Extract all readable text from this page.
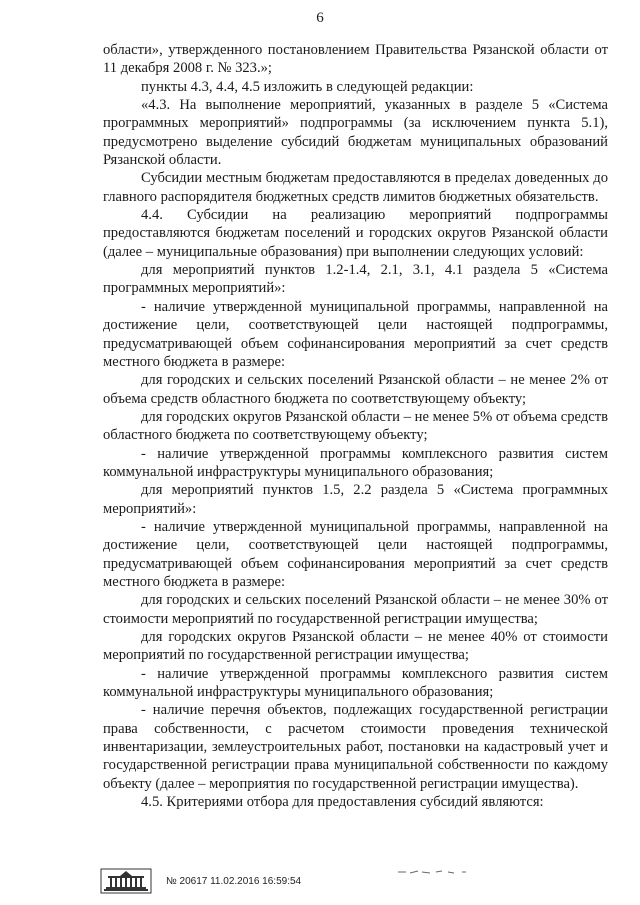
6

области», утвержденного постановлением Правительства Рязанской области от 11 декабря 2008 г. № 323.»;

пункты 4.3, 4.4, 4.5 изложить в следующей редакции:

«4.3. На выполнение мероприятий, указанных в разделе 5 «Система программных мероприятий» подпрограммы (за исключением пункта 5.1), предусмотрено выделение субсидий бюджетам муниципальных образований Рязанской области.

Субсидии местным бюджетам предоставляются в пределах доведенных до главного распорядителя бюджетных средств лимитов бюджетных обязательств.

4.4. Субсидии на реализацию мероприятий подпрограммы предоставляются бюджетам поселений и городских округов Рязанской области (далее – муниципальные образования) при выполнении следующих условий:

для мероприятий пунктов 1.2-1.4, 2.1, 3.1, 4.1 раздела 5 «Система программных мероприятий»:

- наличие утвержденной муниципальной программы, направленной на достижение цели, соответствующей цели настоящей подпрограммы, предусматривающей объем софинансирования мероприятий за счет средств местного бюджета в размере:

для городских и сельских поселений Рязанской области – не менее 2% от объема средств областного бюджета по соответствующему объекту;

для городских округов Рязанской области – не менее 5% от объема средств областного бюджета по соответствующему объекту;

- наличие утвержденной программы комплексного развития систем коммунальной инфраструктуры муниципального образования;

для мероприятий пунктов 1.5, 2.2 раздела 5 «Система программных мероприятий»:

- наличие утвержденной муниципальной программы, направленной на достижение цели, соответствующей цели настоящей подпрограммы, предусматривающей объем софинансирования мероприятий за счет средств местного бюджета в размере:

для городских и сельских поселений Рязанской области – не менее 30% от стоимости мероприятий по государственной регистрации имущества;

для городских округов Рязанской области – не менее 40% от стоимости мероприятий по государственной регистрации имущества;

- наличие утвержденной программы комплексного развития систем коммунальной инфраструктуры муниципального образования;

- наличие перечня объектов, подлежащих государственной регистрации права собственности, с расчетом стоимости проведения технической инвентаризации, землеустроительных работ, постановки на кадастровый учет и государственной регистрации права муниципальной собственности по каждому объекту (далее – мероприятия по государственной регистрации имущества).

4.5. Критериями отбора для предоставления субсидий являются:

№ 20617 11.02.2016 16:59:54
